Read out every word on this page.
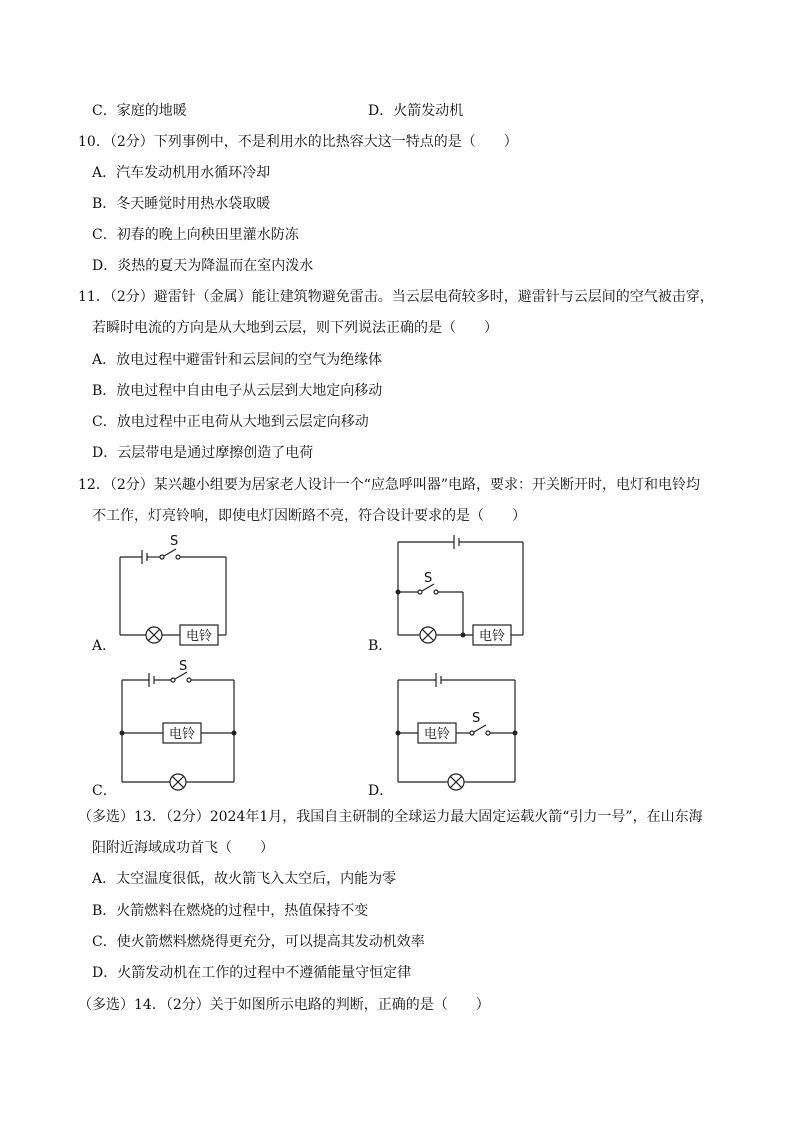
C．家庭的地暖	D．火箭发动机
10．（2分）下列事例中，不是利用水的比热容大这一特点的是（　　）
A．汽车发动机用水循环冷却
B．冬天睡觉时用热水袋取暖
C．初春的晚上向秧田里灌水防冻
D．炎热的夏天为降温而在室内泼水
11．（2分）避雷针（金属）能让建筑物避免雷击。当云层电荷较多时，避雷针与云层间的空气被击穿，
若瞬时电流的方向是从大地到云层，则下列说法正确的是（　　）
A．放电过程中避雷针和云层间的空气为绝缘体
B．放电过程中自由电子从云层到大地定向移动
C．放电过程中正电荷从大地到云层定向移动
D．云层带电是通过摩擦创造了电荷
12．（2分）某兴趣小组要为居家老人设计一个“应急呼叫器”电路，要求：开关断开时，电灯和电铃均
不工作，灯亮铃响，即使电灯因断路不亮，符合设计要求的是（　　）
S
电铃
A．
S
电铃
B．
S
电铃
C．
S
电铃
D．
（多选）13．（2分）2024年1月，我国自主研制的全球运力最大固定运载火箭“引力一号”，在山东海
阳附近海域成功首飞（　　）
A．太空温度很低，故火箭飞入太空后，内能为零
B．火箭燃料在燃烧的过程中，热值保持不变
C．使火箭燃料燃烧得更充分，可以提高其发动机效率
D．火箭发动机在工作的过程中不遵循能量守恒定律
（多选）14．（2分）关于如图所示电路的判断，正确的是（　　）
